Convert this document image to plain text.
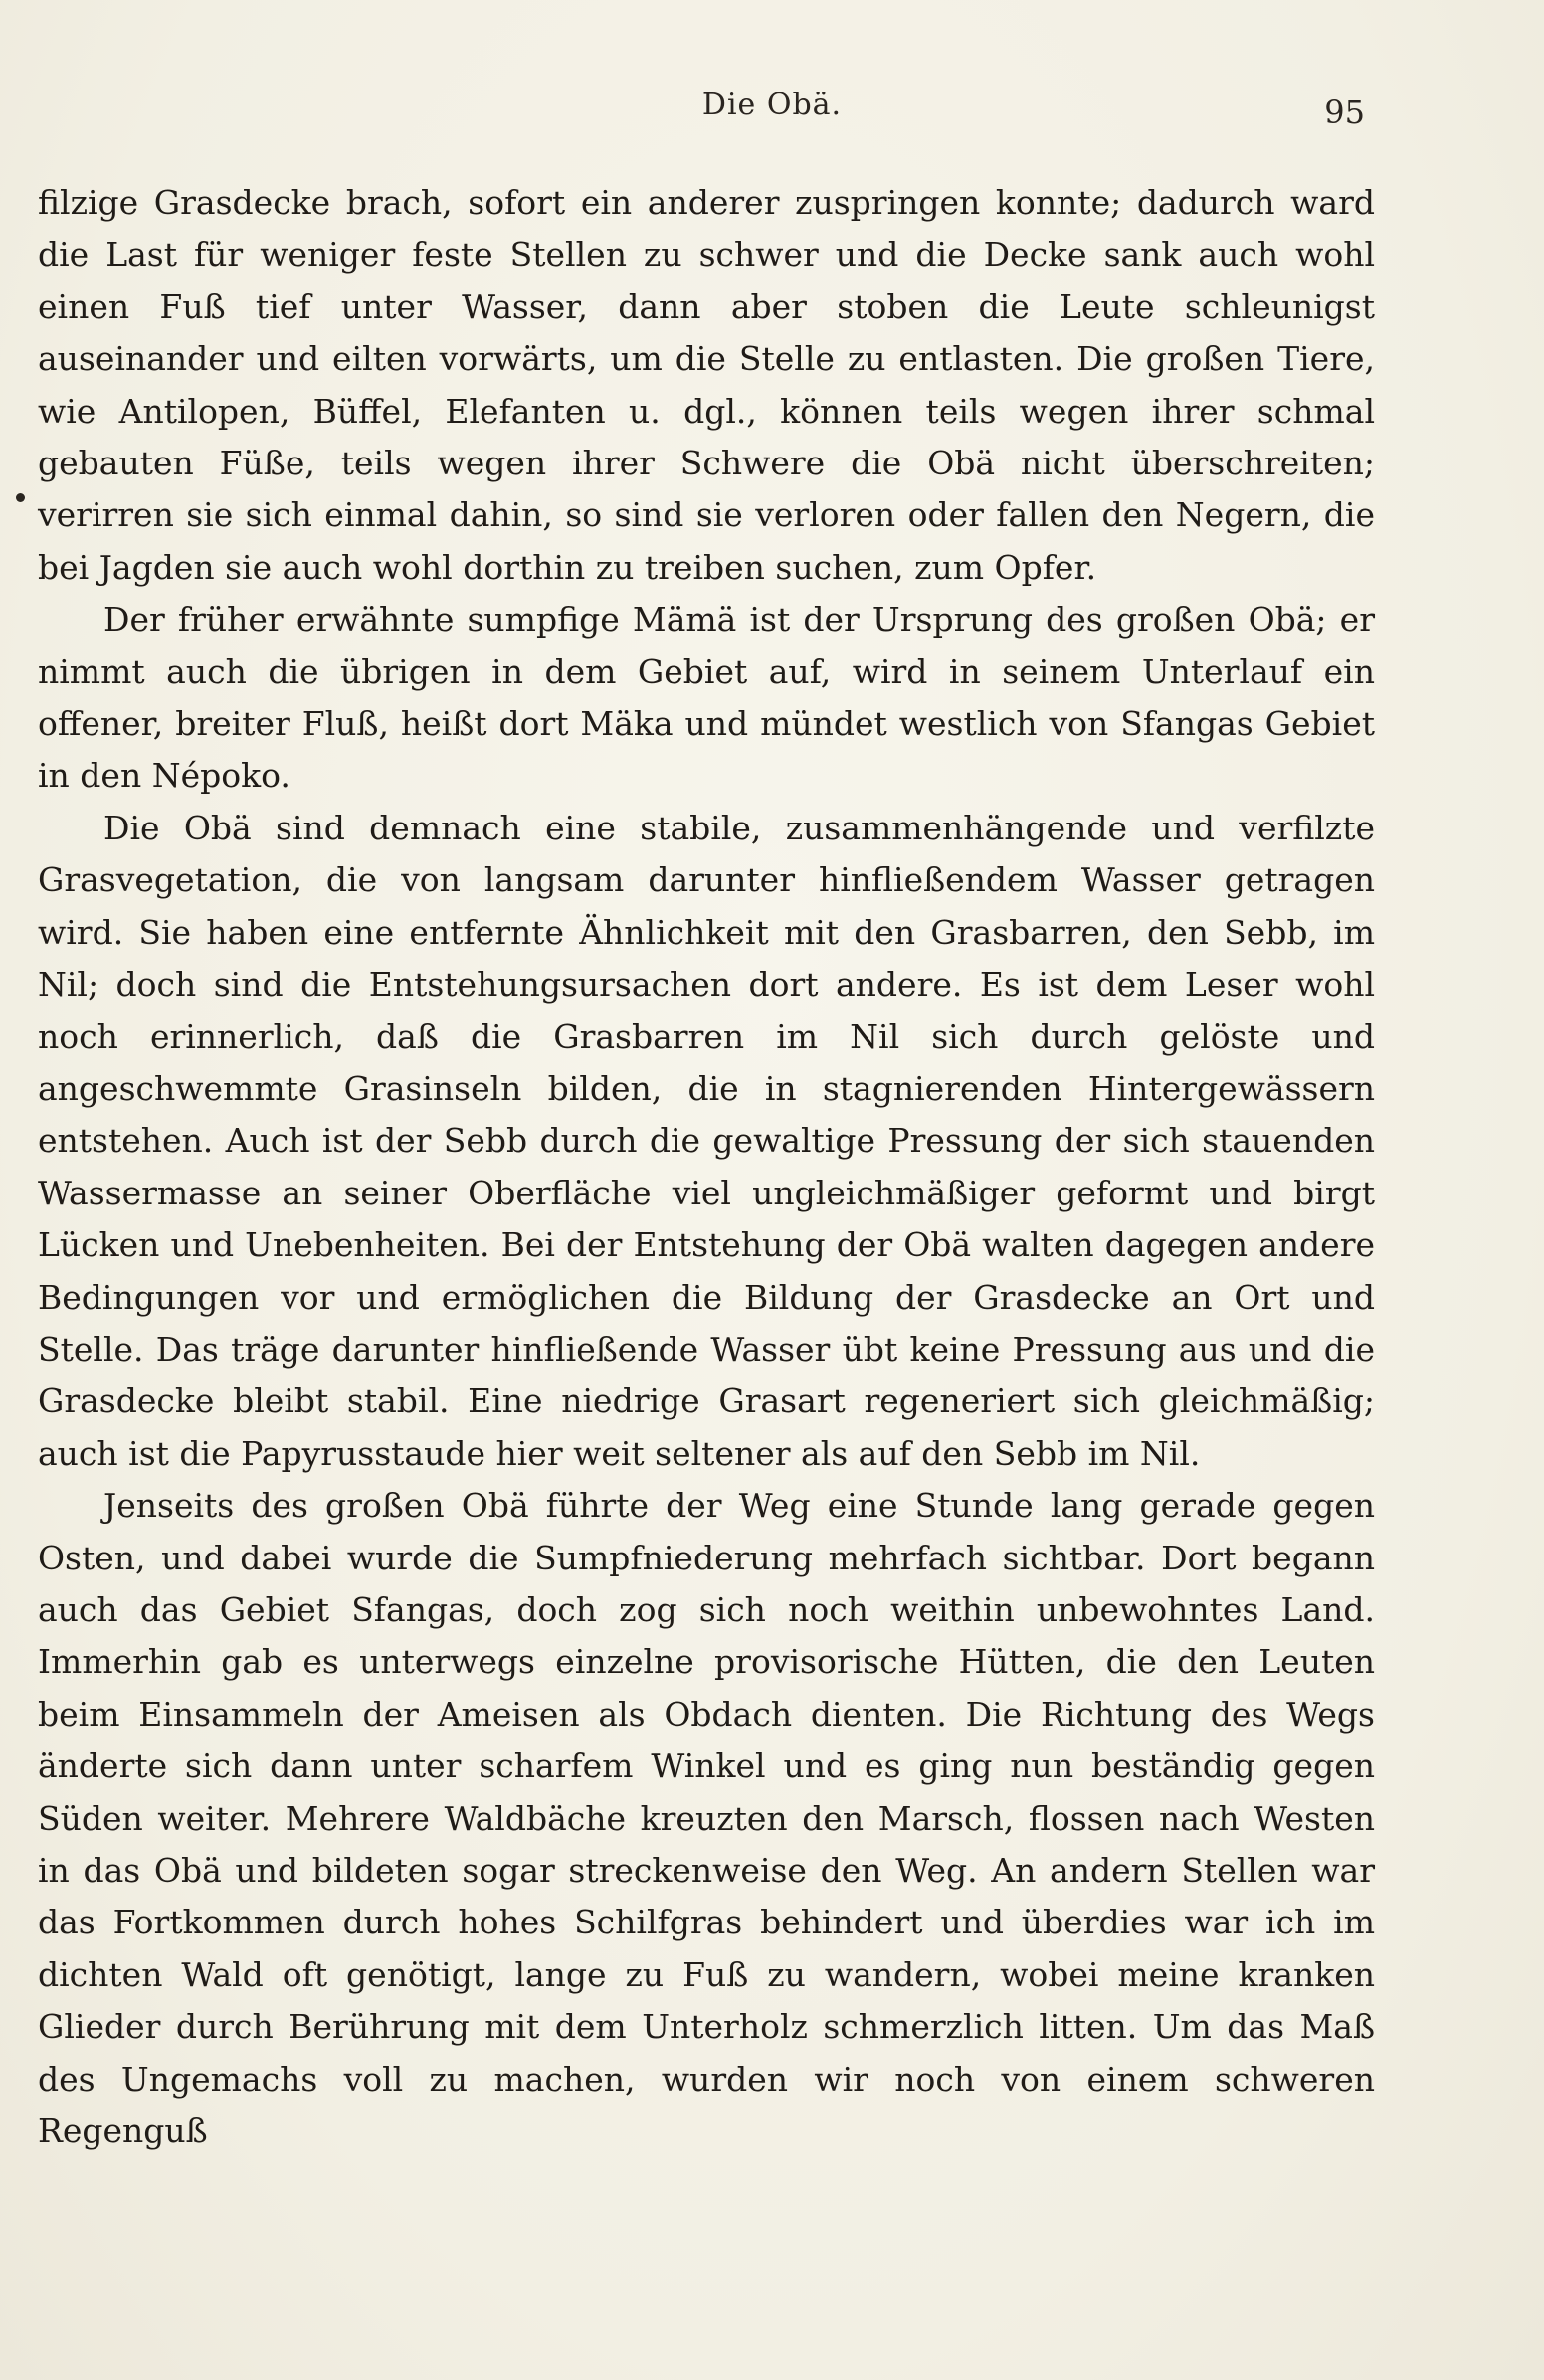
Die Obä.	95

filzige Grasdecke brach, sofort ein anderer zuspringen konnte; dadurch ward die Last für weniger feste Stellen zu schwer und die Decke sank auch wohl einen Fuß tief unter Wasser, dann aber stoben die Leute schleunigst auseinander und eilten vorwärts, um die Stelle zu entlasten. Die großen Tiere, wie Antilopen, Büffel, Elefanten u. dgl., können teils wegen ihrer schmal gebauten Füße, teils wegen ihrer Schwere die Obä nicht überschreiten; verirren sie sich einmal dahin, so sind sie verloren oder fallen den Negern, die bei Jagden sie auch wohl dorthin zu treiben suchen, zum Opfer.

Der früher erwähnte sumpfige Mämä ist der Ursprung des großen Obä; er nimmt auch die übrigen in dem Gebiet auf, wird in seinem Unterlauf ein offener, breiter Fluß, heißt dort Mäka und mündet westlich von Sfangas Gebiet in den Népoko.

Die Obä sind demnach eine stabile, zusammenhängende und verfilzte Grasvegetation, die von langsam darunter hinfließendem Wasser getragen wird. Sie haben eine entfernte Ähnlichkeit mit den Grasbarren, den Sebb, im Nil; doch sind die Entstehungsursachen dort andere. Es ist dem Leser wohl noch erinnerlich, daß die Grasbarren im Nil sich durch gelöste und angeschwemmte Grasinseln bilden, die in stagnierenden Hintergewässern entstehen. Auch ist der Sebb durch die gewaltige Pressung der sich stauenden Wassermasse an seiner Oberfläche viel ungleichmäßiger geformt und birgt Lücken und Unebenheiten. Bei der Entstehung der Obä walten dagegen andere Bedingungen vor und ermöglichen die Bildung der Grasdecke an Ort und Stelle. Das träge darunter hinfließende Wasser übt keine Pressung aus und die Grasdecke bleibt stabil. Eine niedrige Grasart regeneriert sich gleichmäßig; auch ist die Papyrusstaude hier weit seltener als auf den Sebb im Nil.

Jenseits des großen Obä führte der Weg eine Stunde lang gerade gegen Osten, und dabei wurde die Sumpfniederung mehrfach sichtbar. Dort begann auch das Gebiet Sfangas, doch zog sich noch weithin unbewohntes Land. Immerhin gab es unterwegs einzelne provisorische Hütten, die den Leuten beim Einsammeln der Ameisen als Obdach dienten. Die Richtung des Wegs änderte sich dann unter scharfem Winkel und es ging nun beständig gegen Süden weiter. Mehrere Waldbäche kreuzten den Marsch, flossen nach Westen in das Obä und bildeten sogar streckenweise den Weg. An andern Stellen war das Fortkommen durch hohes Schilfgras behindert und überdies war ich im dichten Wald oft genötigt, lange zu Fuß zu wandern, wobei meine kranken Glieder durch Berührung mit dem Unterholz schmerzlich litten. Um das Maß des Ungemachs voll zu machen, wurden wir noch von einem schweren Regenguß
